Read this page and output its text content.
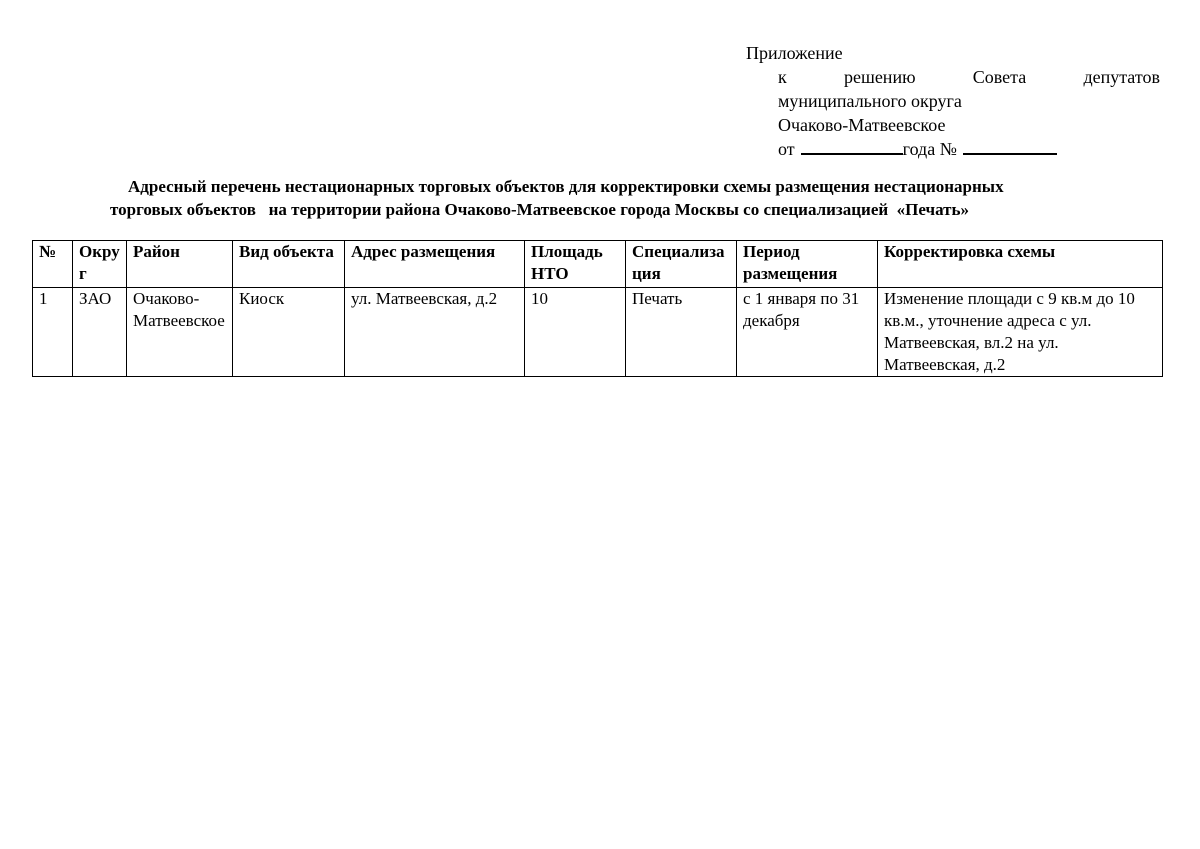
Приложение
к	решению	Совета	депутатов
муниципального округа
Очаково-Матвеевское
от	года №
Адресный перечень нестационарных торговых объектов для корректировки схемы размещения нестационарных
торговых объектов   на территории района Очаково-Матвеевское города Москвы со специализацией  «Печать»
№	Округ	Район	Вид объекта	Адрес размещения	Площадь НТО	Специализация	Период размещения	Корректировка схемы
1	ЗАО	Очаково-Матвеевское	Киоск	ул. Матвеевская, д.2	10	Печать	с 1 января по 31 декабря	Изменение площади с 9 кв.м до 10 кв.м., уточнение адреса с ул. Матвеевская, вл.2 на ул. Матвеевская, д.2
